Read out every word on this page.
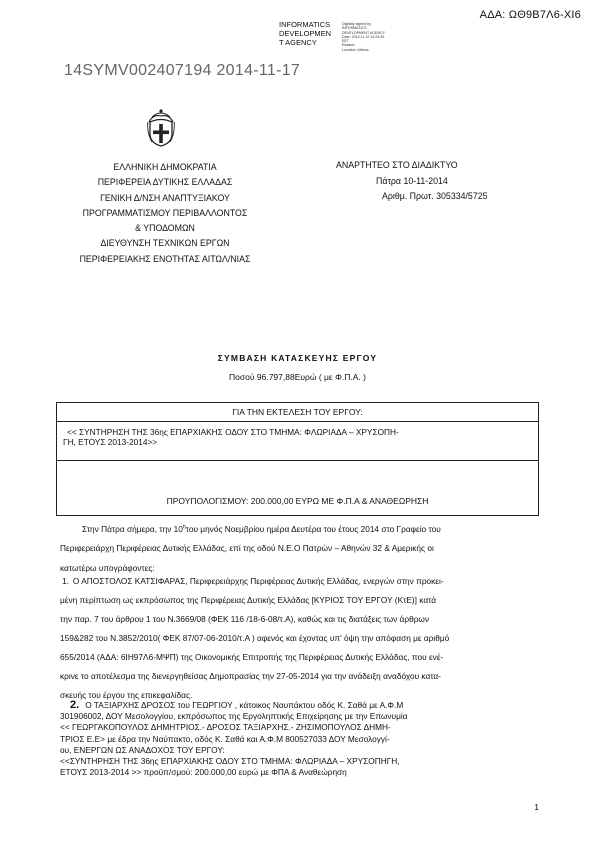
ΑΔΑ: ΩΘ9Β7Λ6-ΧΙ6
INFORMATICS
DEVELOPMEN
T AGENCY
Digitally signed by
INFORMATICS
DEVELOPMENT AGENCY
Date: 2014.11.12 10:23:40
EET
Reason:
Location: Athens
14SYMV002407194 2014-11-17
ΕΛΛΗΝΙΚΗ ΔΗΜΟΚΡΑΤΙΑ
ΠΕΡΙΦΕΡΕΙΑ ΔΥΤΙΚΗΣ ΕΛΛΑΔΑΣ
ΓΕΝΙΚΗ Δ/ΝΣΗ ΑΝΑΠΤΥΞΙΑΚΟΥ
ΠΡΟΓΡΑΜΜΑΤΙΣΜΟΥ ΠΕΡΙΒΑΛΛΟΝΤΟΣ
& ΥΠΟΔΟΜΩΝ
ΔΙΕΥΘΥΝΣΗ ΤΕΧΝΙΚΩΝ ΕΡΓΩΝ
ΠΕΡΙΦΕΡΕΙΑΚΗΣ ΕΝΟΤΗΤΑΣ ΑΙΤΩΛ/ΝΙΑΣ
ΑΝΑΡΤΗΤΕΟ ΣΤΟ ΔΙΑΔΙΚΤΥΟ
Πάτρα 10-11-2014
Αριθμ. Πρωτ. 305334/5725
ΣΥΜΒΑΣΗ ΚΑΤΑΣΚΕΥΗΣ ΕΡΓΟΥ
Ποσού 96.797,88Ευρώ ( με Φ.Π.Α. )
ΓΙΑ ΤΗΝ ΕΚΤΕΛΕΣΗ ΤΟΥ ΕΡΓΟΥ:
<< ΣΥΝΤΗΡΗΣΗ ΤΗΣ 36ης ΕΠΑΡΧΙΑΚΗΣ ΟΔΟΥ ΣΤΟ ΤΜΗΜΑ: ΦΛΩΡΙΑΔΑ – ΧΡΥΣΟΠΗ-
ΓΗ, ΕΤΟΥΣ 2013-2014>>
ΠΡΟΥΠΟΛΟΓΙΣΜΟΥ: 200.000,00 ΕΥΡΩ ΜΕ Φ.Π.Α & ΑΝΑΘΕΩΡΗΣΗ

Στην Πάτρα σήμερα, την $10^\eta\tau o\upsilon$ μηνός Νοεμβρίου ημέρα Δευτέρα του έτους 2014 στο Γραφείο του

Περιφερειάρχη Περιφέρειας Δυτικής Ελλάδας, επί της οδού Ν.Ε.Ο Πατρών – Αθηνών 32 & Αμερικής οι

κατωτέρω υπογράφοντες:

1. Ο ΑΠΟΣΤΟΛΟΣ ΚΑΤΣΙΦΑΡΑΣ, Περιφερειάρχης Περιφέρειας Δυτικής Ελλάδας, ενεργών στην προκει-

μένη περίπτωση ως εκπρόσωπος της Περιφέρειας Δυτικής Ελλάδας [ΚΥΡΙΟΣ ΤΟΥ ΕΡΓΟΥ (ΚτΕ)] κατά

την παρ. 7 του άρθρου 1 του Ν.3669/08 (ΦΕΚ 116 /18-6-08/τ.Α), καθώς και τις διατάξεις των άρθρων

159&282 του Ν.3852/2010( ΦΕΚ 87/07-06-2010/τ.Α ) αφενός και έχοντας υπ' όψη την απόφαση με αριθμό

655/2014 (ΑΔΑ: 6ΙΗ97Λ6-ΜΨΠ) της Οικονομικής Επιτροπής της Περιφέρειας Δυτικής Ελλάδας, που ενέ-

κρινε το αποτέλεσμα της διενεργηθείσας Δημοπρασίας την 27-05-2014 για την ανάδειξη αναδόχου κατα-

σκευής του έργου της επικεφαλίδας.

2. Ο ΤΑΞΙΑΡΧΗΣ ΔΡΟΣΟΣ του ΓΕΩΡΓΙΟΥ , κάτοικος Ναυπάκτου οδός Κ. Σαθά με Α.Φ.Μ

301906002, ΔΟΥ Μεσολογγίου, εκπρόσωπος της Εργοληπτικής Επιχείρησης με την Επωνυμία

<< ΓΕΩΡΓΑΚΟΠΟΥΛΟΣ ΔΗΜΗΤΡΙΟΣ.- ΔΡΟΣΟΣ ΤΑΞΙΑΡΧΗΣ.- ΖΗΣΙΜΟΠΟΥΛΟΣ ΔΗΜΗ-

ΤΡΙΟΣ Ε.Ε> με έδρα την Ναύπακτο, οδός Κ. Σαθά και Α.Φ.Μ 800527033 ΔΟΥ Μεσολογγί-

ου, ΕΝΕΡΓΩΝ ΩΣ ΑΝΑΔΟΧΟΣ ΤΟΥ ΕΡΓΟΥ:

<<ΣΥΝΤΗΡΗΣΗ ΤΗΣ 36ης ΕΠΑΡΧΙΑΚΗΣ ΟΔΟΥ ΣΤΟ ΤΜΗΜΑ: ΦΛΩΡΙΑΔΑ – ΧΡΥΣΟΠΗΓΗ,

ΕΤΟΥΣ 2013-2014 >> προϋπ/σμού: 200.000,00 ευρώ με ΦΠΑ & Αναθεώρηση

1
